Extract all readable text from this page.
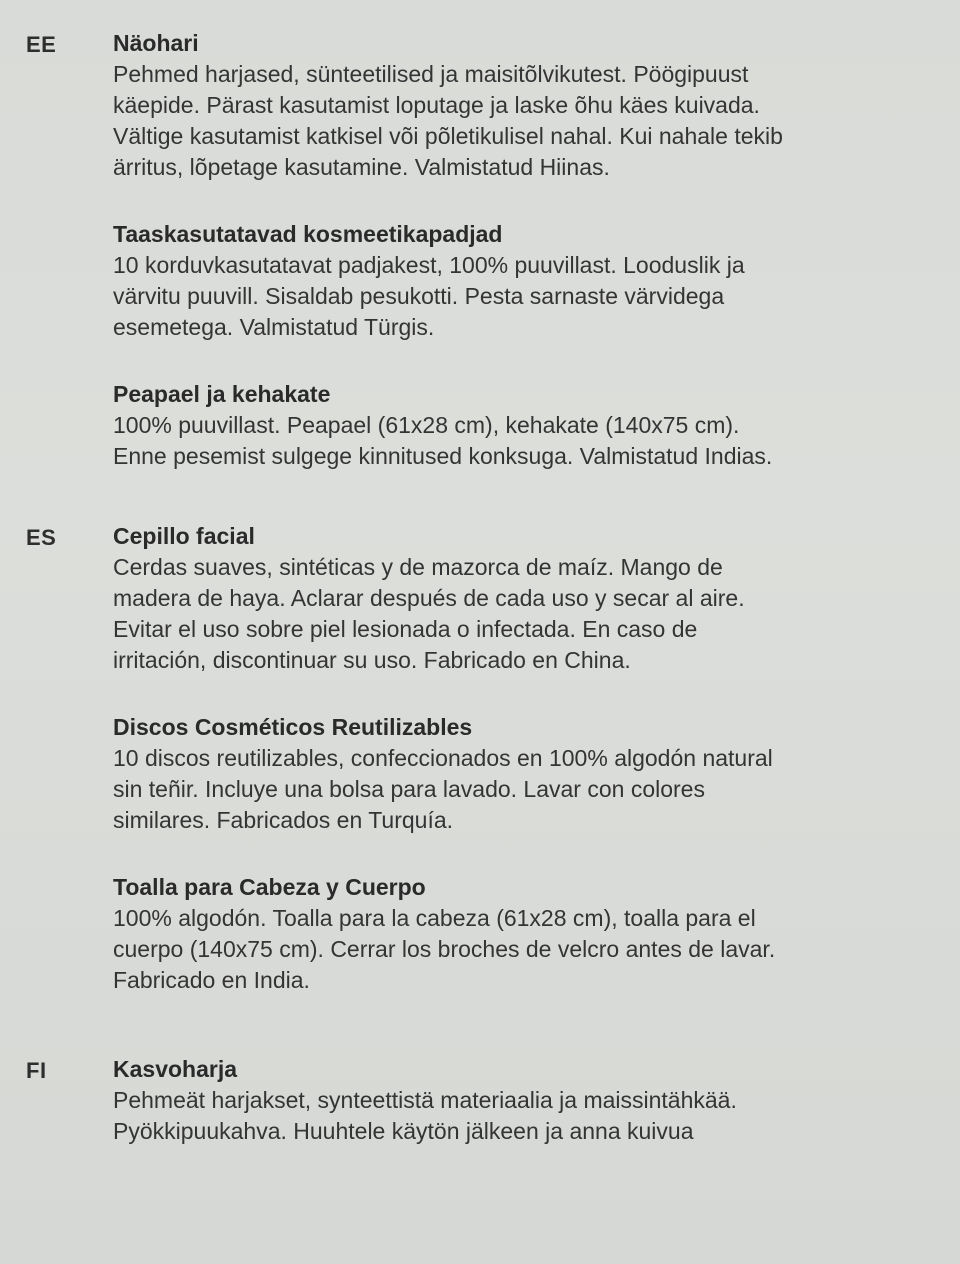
EE Näohari

Pehmed harjased, sünteetilised ja maisitõlvikutest. Pöögipuust

käepide. Pärast kasutamist loputage ja laske õhu käes kuivada.

Vältige kasutamist katkisel või põletikulisel nahal. Kui nahale tekib

ärritus, lõpetage kasutamine. Valmistatud Hiinas.

Taaskasutatavad kosmeetikapadjad

10 korduvkasutatavat padjakest, 100% puuvillast. Looduslik ja

värvitu puuvill. Sisaldab pesukotti. Pesta sarnaste värvidega

esemetega. Valmistatud Türgis.

Peapael ja kehakate

100% puuvillast. Peapael (61x28 cm), kehakate (140x75 cm).

Enne pesemist sulgege kinnitused konksuga. Valmistatud Indias.

ES Cepillo facial

Cerdas suaves, sintéticas y de mazorca de maíz. Mango de

madera de haya. Aclarar después de cada uso y secar al aire.

Evitar el uso sobre piel lesionada o infectada. En caso de

irritación, discontinuar su uso. Fabricado en China.

Discos Cosméticos Reutilizables

10 discos reutilizables, confeccionados en 100% algodón natural

sin teñir. Incluye una bolsa para lavado. Lavar con colores

similares. Fabricados en Turquía.

Toalla para Cabeza y Cuerpo

100% algodón. Toalla para la cabeza (61x28 cm), toalla para el

cuerpo (140x75 cm). Cerrar los broches de velcro antes de lavar.

Fabricado en India.

FI	Kasvoharja

Pehmeät harjakset, synteettistä materiaalia ja maissintähkää.

Pyökkipuukahva. Huuhtele käytön jälkeen ja anna kuivua
